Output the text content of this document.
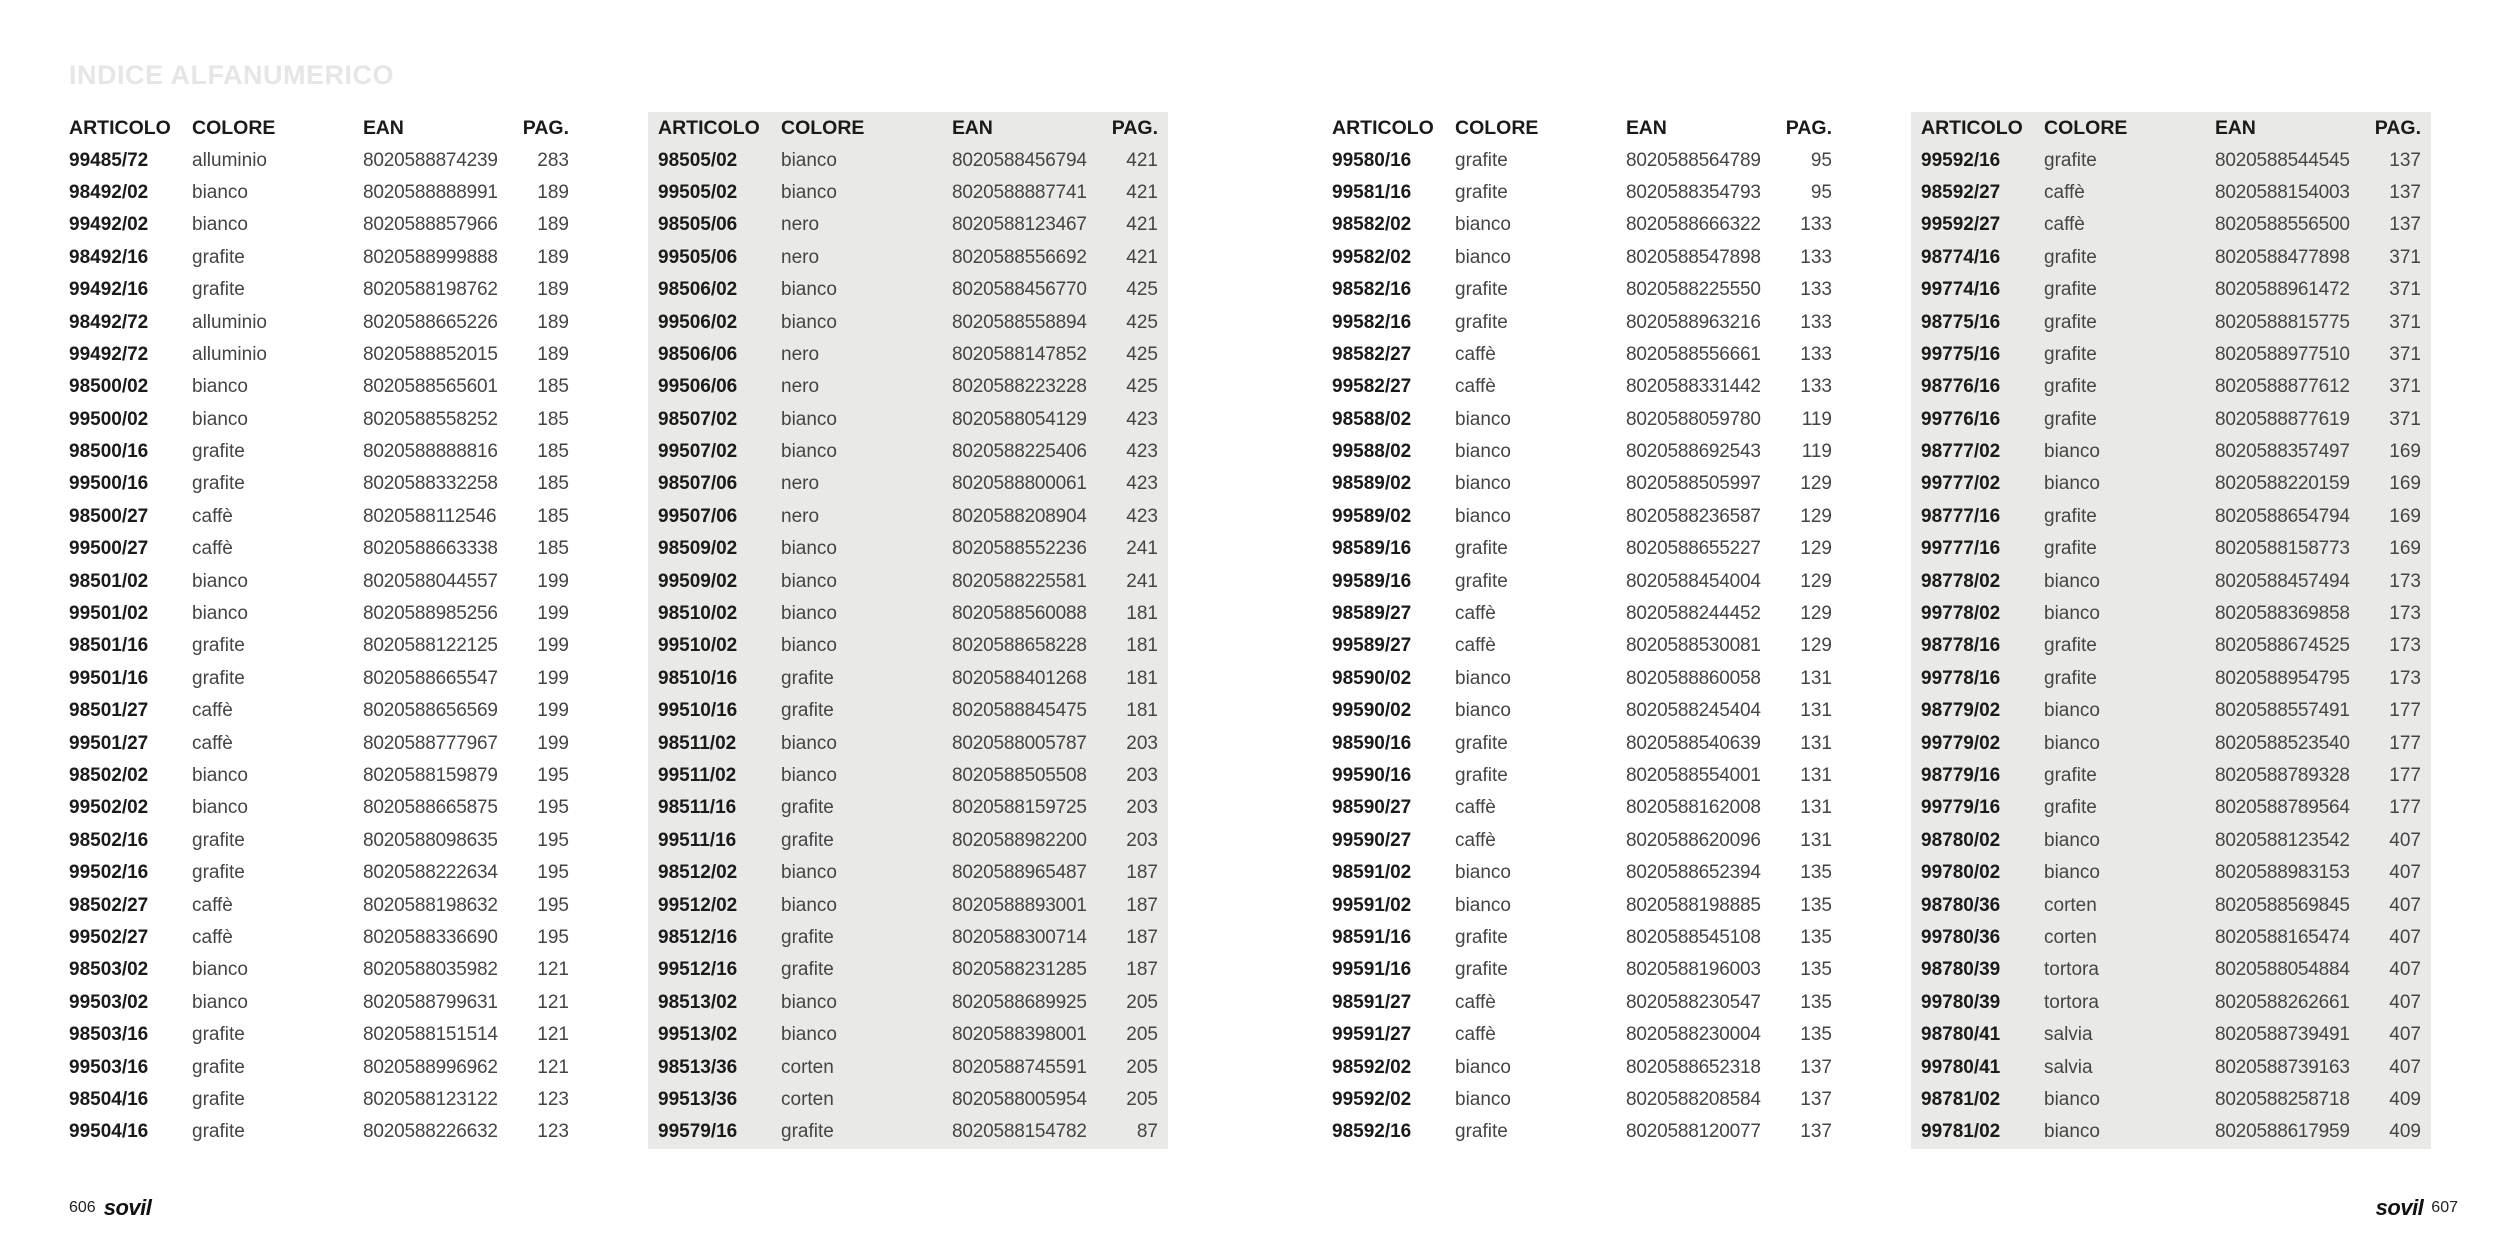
INDICE ALFANUMERICO
ARTICOLO	COLORE	EAN	PAG.
99485/72	alluminio	8020588874239	283
98492/02	bianco	8020588888991	189
99492/02	bianco	8020588857966	189
98492/16	grafite	8020588999888	189
99492/16	grafite	8020588198762	189
98492/72	alluminio	8020588665226	189
99492/72	alluminio	8020588852015	189
98500/02	bianco	8020588565601	185
99500/02	bianco	8020588558252	185
98500/16	grafite	8020588888816	185
99500/16	grafite	8020588332258	185
98500/27	caffè	8020588112546	185
99500/27	caffè	8020588663338	185
98501/02	bianco	8020588044557	199
99501/02	bianco	8020588985256	199
98501/16	grafite	8020588122125	199
99501/16	grafite	8020588665547	199
98501/27	caffè	8020588656569	199
99501/27	caffè	8020588777967	199
98502/02	bianco	8020588159879	195
99502/02	bianco	8020588665875	195
98502/16	grafite	8020588098635	195
99502/16	grafite	8020588222634	195
98502/27	caffè	8020588198632	195
99502/27	caffè	8020588336690	195
98503/02	bianco	8020588035982	121
99503/02	bianco	8020588799631	121
98503/16	grafite	8020588151514	121
99503/16	grafite	8020588996962	121
98504/16	grafite	8020588123122	123
99504/16	grafite	8020588226632	123
ARTICOLO	COLORE	EAN	PAG.
98505/02	bianco	8020588456794	421
99505/02	bianco	8020588887741	421
98505/06	nero	8020588123467	421
99505/06	nero	8020588556692	421
98506/02	bianco	8020588456770	425
99506/02	bianco	8020588558894	425
98506/06	nero	8020588147852	425
99506/06	nero	8020588223228	425
98507/02	bianco	8020588054129	423
99507/02	bianco	8020588225406	423
98507/06	nero	8020588800061	423
99507/06	nero	8020588208904	423
98509/02	bianco	8020588552236	241
99509/02	bianco	8020588225581	241
98510/02	bianco	8020588560088	181
99510/02	bianco	8020588658228	181
98510/16	grafite	8020588401268	181
99510/16	grafite	8020588845475	181
98511/02	bianco	8020588005787	203
99511/02	bianco	8020588505508	203
98511/16	grafite	8020588159725	203
99511/16	grafite	8020588982200	203
98512/02	bianco	8020588965487	187
99512/02	bianco	8020588893001	187
98512/16	grafite	8020588300714	187
99512/16	grafite	8020588231285	187
98513/02	bianco	8020588689925	205
99513/02	bianco	8020588398001	205
98513/36	corten	8020588745591	205
99513/36	corten	8020588005954	205
99579/16	grafite	8020588154782	87
ARTICOLO	COLORE	EAN	PAG.
99580/16	grafite	8020588564789	95
99581/16	grafite	8020588354793	95
98582/02	bianco	8020588666322	133
99582/02	bianco	8020588547898	133
98582/16	grafite	8020588225550	133
99582/16	grafite	8020588963216	133
98582/27	caffè	8020588556661	133
99582/27	caffè	8020588331442	133
98588/02	bianco	8020588059780	119
99588/02	bianco	8020588692543	119
98589/02	bianco	8020588505997	129
99589/02	bianco	8020588236587	129
98589/16	grafite	8020588655227	129
99589/16	grafite	8020588454004	129
98589/27	caffè	8020588244452	129
99589/27	caffè	8020588530081	129
98590/02	bianco	8020588860058	131
99590/02	bianco	8020588245404	131
98590/16	grafite	8020588540639	131
99590/16	grafite	8020588554001	131
98590/27	caffè	8020588162008	131
99590/27	caffè	8020588620096	131
98591/02	bianco	8020588652394	135
99591/02	bianco	8020588198885	135
98591/16	grafite	8020588545108	135
99591/16	grafite	8020588196003	135
98591/27	caffè	8020588230547	135
99591/27	caffè	8020588230004	135
98592/02	bianco	8020588652318	137
99592/02	bianco	8020588208584	137
98592/16	grafite	8020588120077	137
ARTICOLO	COLORE	EAN	PAG.
99592/16	grafite	8020588544545	137
98592/27	caffè	8020588154003	137
99592/27	caffè	8020588556500	137
98774/16	grafite	8020588477898	371
99774/16	grafite	8020588961472	371
98775/16	grafite	8020588815775	371
99775/16	grafite	8020588977510	371
98776/16	grafite	8020588877612	371
99776/16	grafite	8020588877619	371
98777/02	bianco	8020588357497	169
99777/02	bianco	8020588220159	169
98777/16	grafite	8020588654794	169
99777/16	grafite	8020588158773	169
98778/02	bianco	8020588457494	173
99778/02	bianco	8020588369858	173
98778/16	grafite	8020588674525	173
99778/16	grafite	8020588954795	173
98779/02	bianco	8020588557491	177
99779/02	bianco	8020588523540	177
98779/16	grafite	8020588789328	177
99779/16	grafite	8020588789564	177
98780/02	bianco	8020588123542	407
99780/02	bianco	8020588983153	407
98780/36	corten	8020588569845	407
99780/36	corten	8020588165474	407
98780/39	tortora	8020588054884	407
99780/39	tortora	8020588262661	407
98780/41	salvia	8020588739491	407
99780/41	salvia	8020588739163	407
98781/02	bianco	8020588258718	409
99781/02	bianco	8020588617959	409
606 sovil	sovil 607
